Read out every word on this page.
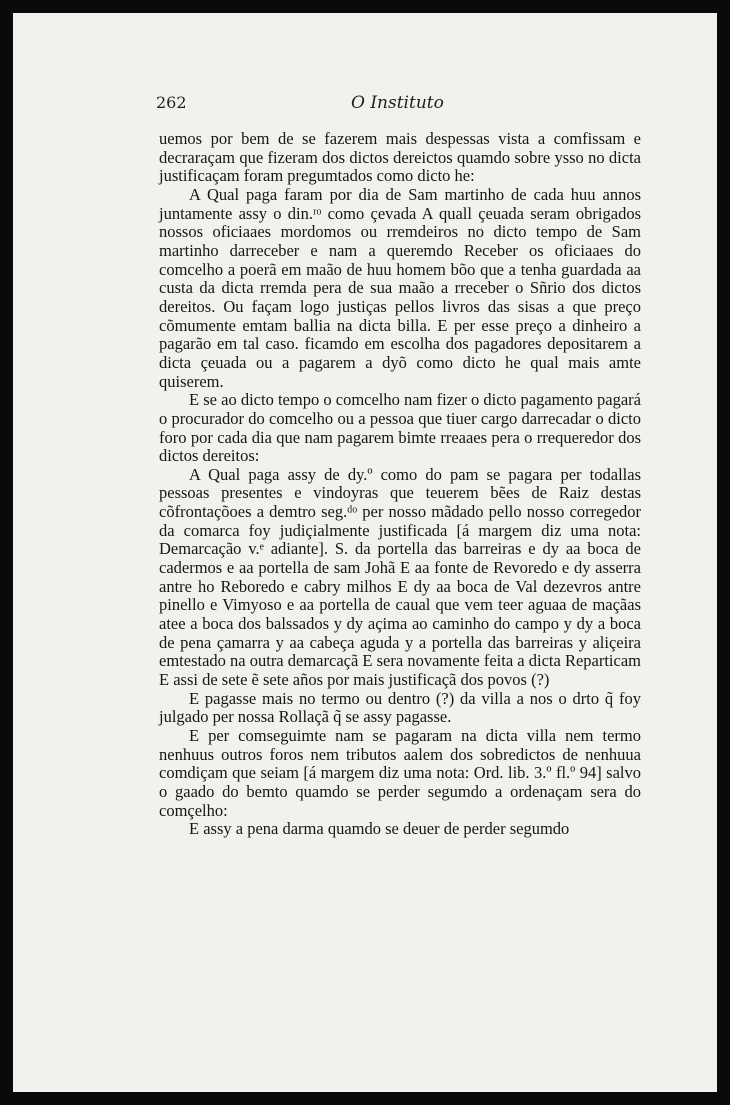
262	O Instituto

uemos por bem de se fazerem mais despessas vista a comfissam e decraraçam que fizeram dos dictos dereictos quamdo sobre ysso no dicta justificaçam foram pregumtados como dicto he:

A Qual paga faram por dia de Sam martinho de cada huu annos juntamente assy o din.ʳᵒ como çevada A quall çeuada seram obrigados nossos oficiaaes mordomos ou rremdeiros no dicto tempo de Sam martinho darreceber e nam a queremdo Receber os oficiaaes do comcelho a poerã em maão de huu homem bõo que a tenha guardada aa custa da dicta rremda pera de sua maão a rreceber o Sñrio dos dictos dereitos. Ou façam logo justiças pellos livros das sisas a que preço cõmumente emtam ballia na dicta billa. E per esse preço a dinheiro a pagarão em tal caso. ficamdo em escolha dos pagadores depositarem a dicta çeuada ou a pagarem a dyõ como dicto he qual mais amte quiserem.

E se ao dicto tempo o comcelho nam fizer o dicto pagamento pagará o procurador do comcelho ou a pessoa que tiuer cargo darrecadar o dicto foro por cada dia que nam pagarem bimte rreaaes pera o rrequeredor dos dictos dereitos:

A Qual paga assy de dy.º como do pam se pagara per todallas pessoas presentes e vindoyras que teuerem bẽes de Raiz destas cõfrontaçõoes a demtro seg.ᵈᵒ per nosso mãdado pello nosso corregedor da comarca foy judiçialmente justificada [á margem diz uma nota: Demarcação v.ᵉ adiante]. S. da portella das barreiras e dy aa boca de cadermos e aa portella de sam Johã E aa fonte de Revoredo e dy asserra antre ho Reboredo e cabry milhos E dy aa boca de Val dezevros antre pinello e Vimyoso e aa portella de caual que vem teer aguaa de maçãas atee a boca dos balssados y dy açima ao caminho do campo y dy a boca de pena çamarra y aa cabeça aguda y a portella das barreiras y aliçeira emtestado na outra demarcaçã E sera novamente feita a dicta Reparticam E assi de sete ẽ sete años por mais justificaçã dos povos (?)

E pagasse mais no termo ou dentro (?) da villa a nos o drto q̃ foy julgado per nossa Rollaçã q̃ se assy pagasse.

E per comseguimte nam se pagaram na dicta villa nem termo nenhuus outros foros nem tributos aalem dos sobredictos de nenhuua comdiçam que seiam [á margem diz uma nota: Ord. lib. 3.º fl.º 94] salvo o gaado do bemto quamdo se perder segumdo a ordenaçam sera do comçelho:

E assy a pena darma quamdo se deuer de perder segumdo
